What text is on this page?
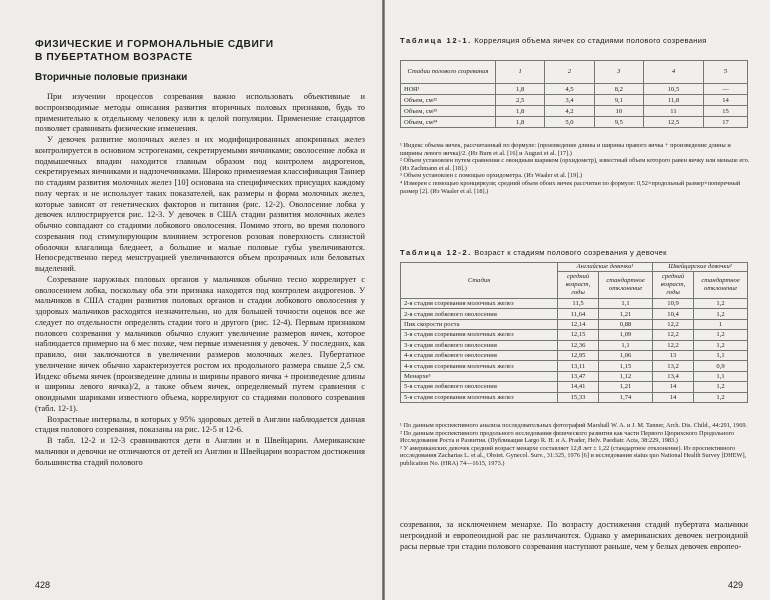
ФИЗИЧЕСКИЕ И ГОРМОНАЛЬНЫЕ СДВИГИ
В ПУБЕРТАТНОМ ВОЗРАСТЕ
Вторичные половые признаки

При изучении процессов созревания важно использовать объективные и воспроизводимые методы описания развития вторичных половых признаков, будь то применительно к отдельному человеку или к целой популяции. Применение стандартов позволяет сравнивать физические изменения.

У девочек развитие молочных желез и их модифицированных апокринных желез контролируется в основном эстрогенами, секретируемыми яичниками; оволосение лобка и подмышечных впадин находится главным образом под контролем андрогенов, секретируемых яичниками и надпочечниками. Широко применяемая классификация Таннер по стадиям развития молочных желез [10] основана на специфических присущих каждому полу чертах и не использует таких показателей, как размеры и форма молочных желез, которые зависят от генетических факторов и питания (рис. 12-2). Оволосение лобка у девочек иллюстрируется рис. 12-3. У девочек в США стадии развития молочных желез обычно совпадают со стадиями лобкового оволосения. Помимо этого, во время полового созревания под стимулирующим влиянием эстрогенов розовая поверхность слизистой оболочки влагалища бледнеет, а большие и малые половые губы увеличиваются. Непосредственно перед менструацией увеличиваются объем прозрачных или беловатых выделений.

Созревание наружных половых органов у мальчиков обычно тесно коррелирует с оволосением лобка, поскольку оба эти признака находятся под контролем андрогенов. У мальчиков в США стадии развития половых органов и стадии лобкового оволосения у здоровых мальчиков расходятся незначительно, но для большей точности оценок все же следует по отдельности определять стадии того и другого (рис. 12-4). Первым признаком полового созревания у мальчиков обычно служит увеличение размеров яичек, которое наблюдается примерно на 6 мес позже, чем первые изменения у девочек. У последних, как правило, они заключаются в увеличении размеров молочных желез. Пубертатное увеличение яичек обычно характеризуется ростом их продольного размера свыше 2,5 см. Индекс объема яичек (произведение длины и ширины правого яичка + произведение длины и ширины левого яичка)/2, а также объем яичек, определяемый путем сравнения с овоидными шариками известного объема, коррелируют со стадиями полового созревания (табл. 12-1).

Возрастные интервалы, в которых у 95% здоровых детей в Англии наблюдается данная стадия полового созревания, показаны на рис. 12-5 и 12-6.

В табл. 12-2 и 12-3 сравниваются дети в Англии и в Швейцарии. Американские мальчики и девочки не отличаются от детей из Англии и Швейцарии возрастом достижения большинства стадий полового

428
Таблица 12-1. Корреляция объема яичек со стадиями полового созревания
Стадии полового созревания	1	2	3	4	5
НОЯ¹	1,8	4,5	8,2	10,5	—
Объем, см³²	2,5	3,4	9,1	11,8	14
Объем, см³³	1,8	4,2	10	11	15
Объем, см³⁴	1,8	5,0	9,5	12,5	17

¹ Индекс объема яичек, рассчитанный по формуле: (произведение длины и ширины правого яичка + произведение длины и ширины левого яичка)/2. (Из Burn et al. [16] и August et al. [17].)

² Объем установлен путем сравнения с овоидным шариком (орхидометр), известный объем которого равен яичку или меньше его. (Из Zachmann et al. [18].)

³ Объем установлен с помощью орхидометра. (Из Waaler et al. [19].)

⁴ Измерен с помощью кронциркуля; средний объем обоих яичек рассчитан по формуле: 0,52×продольный размер×поперечный размер [2]. (Из Waaler et al. [18].)

Таблица 12-2. Возраст к стадиям полового созревания у девочек
Стадия	Английские девочки¹		Швейцарские девочки²	
	средний возраст, годы	стандартное отклонение	средний возраст, годы	стандартное отклонение
2-я стадия созревания молочных желез	11,5	1,1	10,9	1,2
2-я стадия лобкового оволосения	11,64	1,21	10,4	1,2
Пик скорости роста	12,14	0,88	12,2	1
3-я стадия созревания молочных желез	12,15	1,09	12,2	1,2
3-я стадия лобкового оволосения	12,36	1,1	12,2	1,2
4-я стадия лобкового оволосения	12,95	1,06	13	1,1
4-я стадия созревания молочных желез	13,11	1,15	13,2	0,9
Менархе³	13,47	1,12	13,4	1,1
5-я стадия лобкового оволосения	14,41	1,21	14	1,2
5-я стадия созревания молочных желез	15,33	1,74	14	1,2

¹ По данным проспективного анализа последовательных фотографий Marshall W. A. и J. M. Tanner, Arch. Dis. Child., 44:291, 1969.

² По данным проспективного продольного исследования физического развития как части Первого Цюрихского Продольного Исследования Роста и Развития. (Публикация Largo R. H. и A. Prader, Helv. Paediatr. Acta, 38:229, 1983.)

³ У американских девочек средний возраст менархе составляет 12,8 лет ± 1,22 (стандартное отклонение). Из проспективного исследования Zacharias L. et al., Obstet. Gynecol. Surv., 31:325, 1976 [6] и исследования status quo National Health Survey [DHEW], publication No. (HRA) 74—1615, 1973.)

созревания, за исключением менархе. По возрасту достижения стадий пубертата мальчики негроидной и европеоидной рас не различаются. Однако у американских девочек негроидной расы первые три стадии полового созревания наступают раньше, чем у белых девочек европео-

429
